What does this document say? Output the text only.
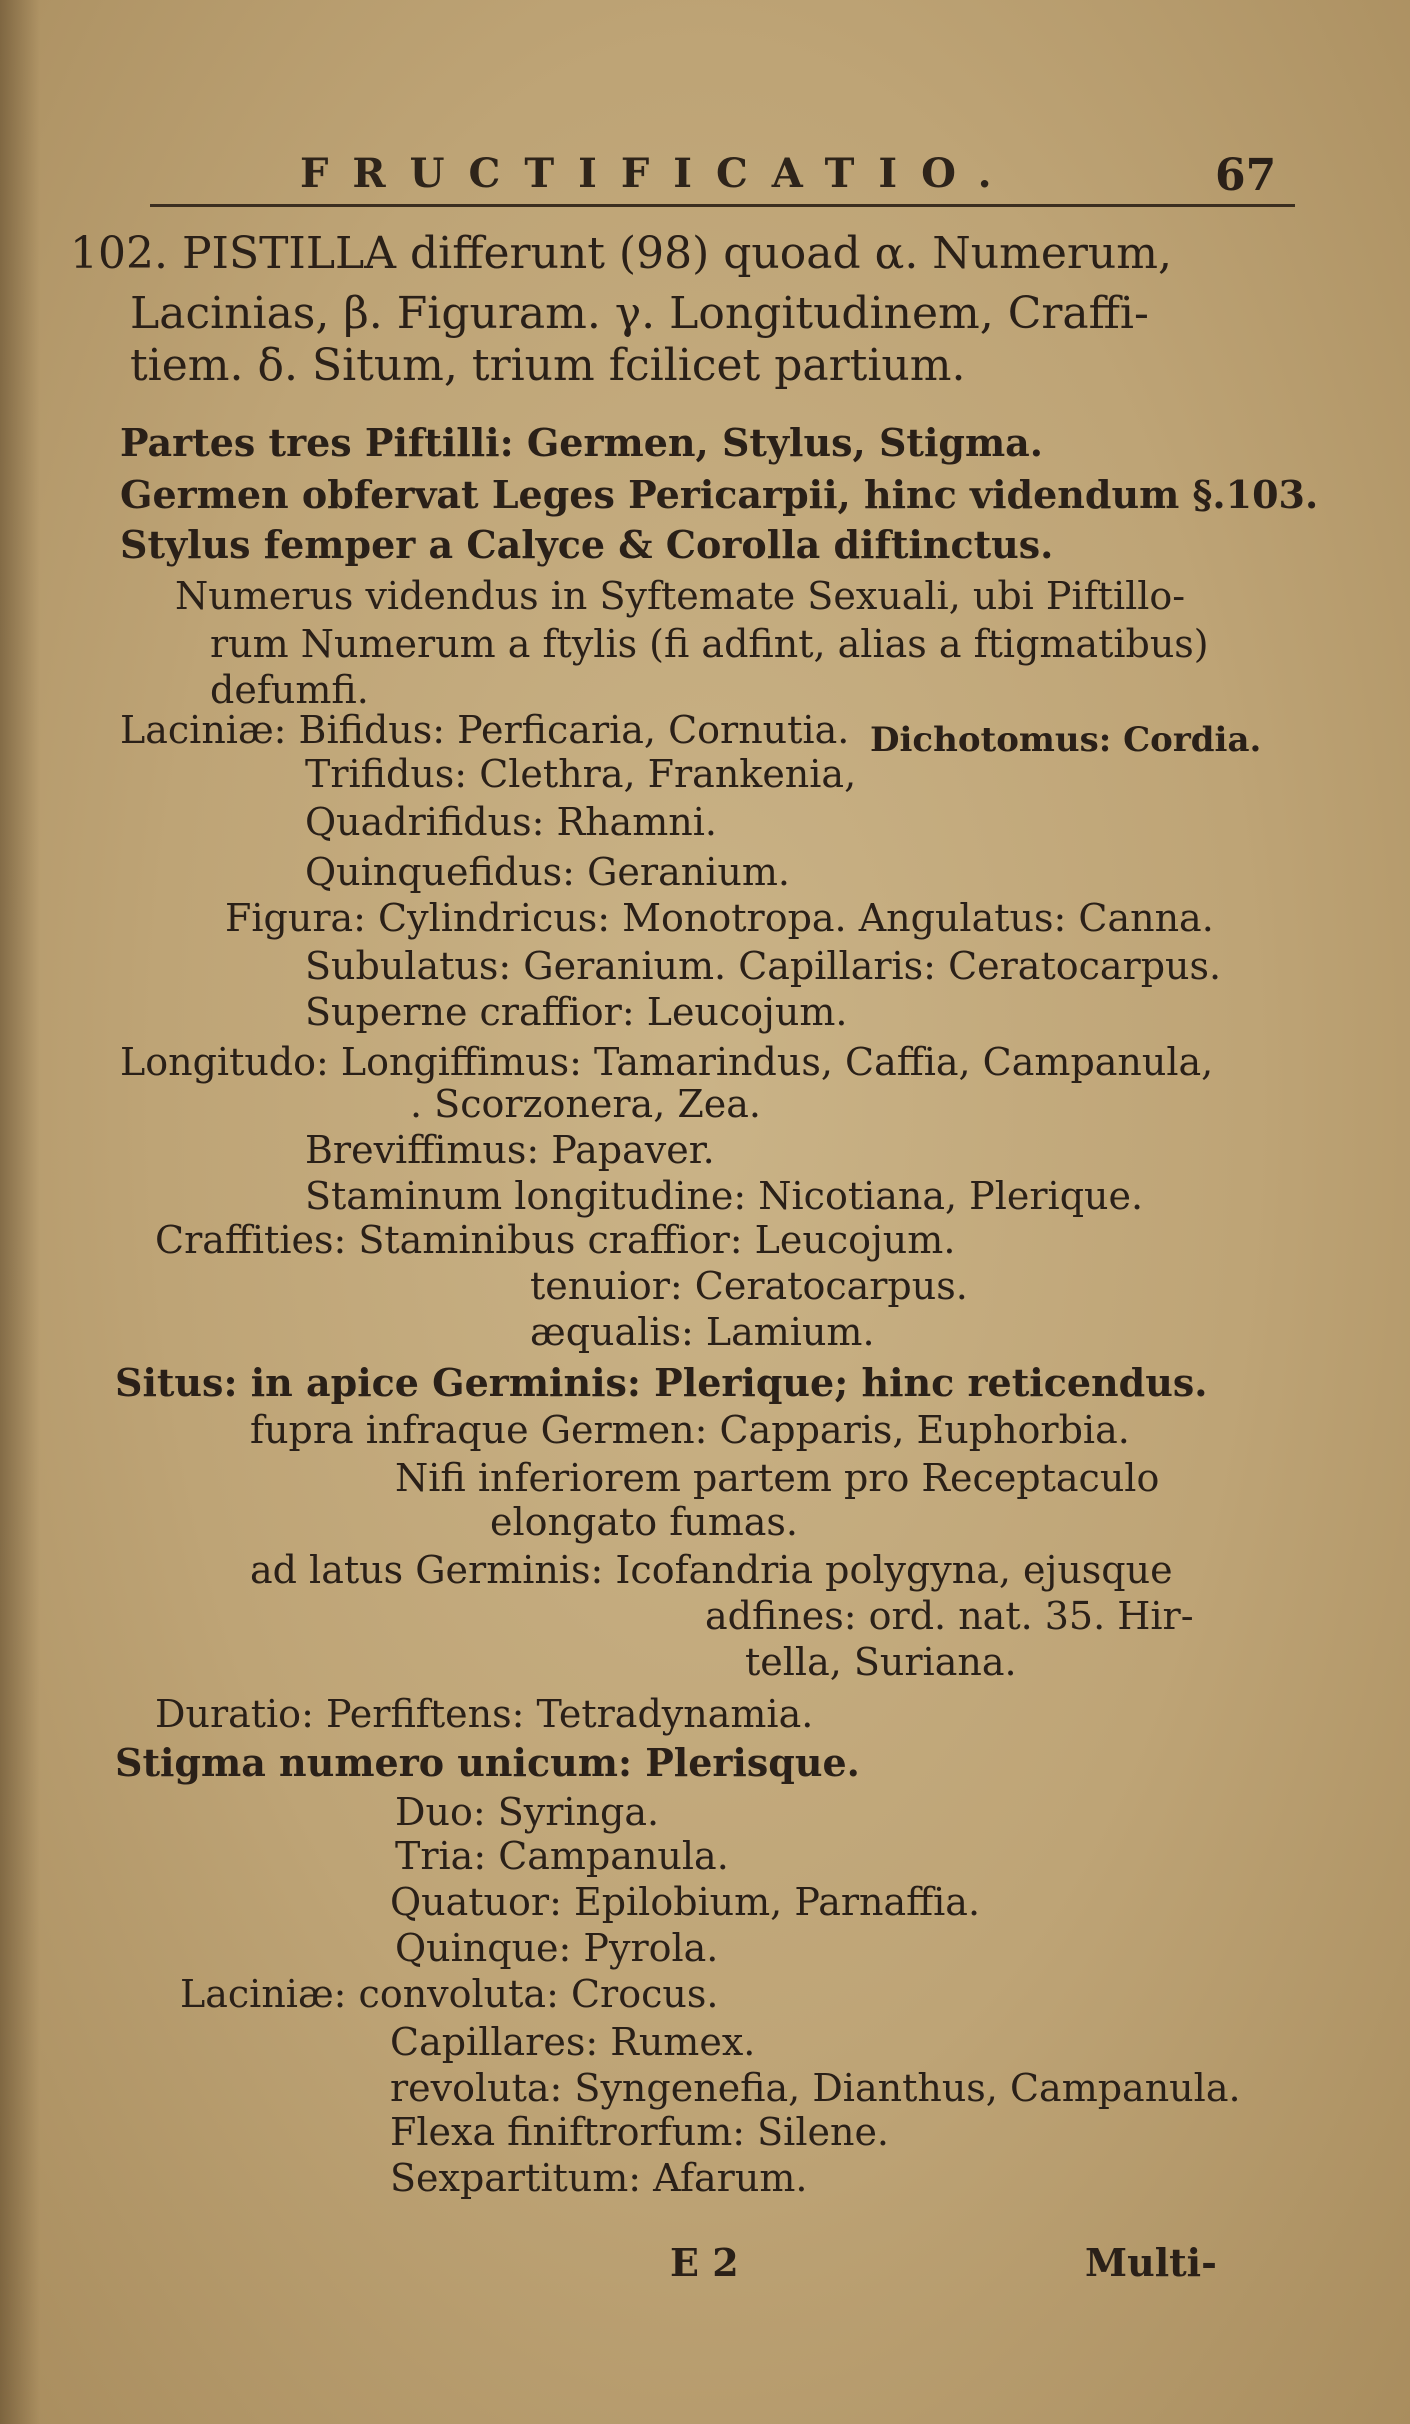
FRUCTIFICATIO.	67
102. PISTILLA differunt (98) quoad α. Numerum,
Lacinias, β. Figuram. γ. Longitudinem, Craffi-
tiem. δ. Situm, trium fcilicet partium.
Partes tres Piftilli: Germen, Stylus, Stigma.
Germen obfervat Leges Pericarpii, hinc videndum §.103.
Stylus femper a Calyce & Corolla diftinctus.
Numerus videndus in Syftemate Sexuali, ubi Piftillo-
rum Numerum a ftylis (fi adfint, alias a ftigmatibus)
defumfi.
Laciniæ: Bifidus: Perficaria, Cornutia.
Trifidus: Clethra, Frankenia,
Dichotomus: Cordia.
Quadrifidus: Rhamni.
Quinquefidus: Geranium.
Figura: Cylindricus: Monotropa. Angulatus: Canna.
Subulatus: Geranium. Capillaris: Ceratocarpus.
Superne craffior: Leucojum.
Longitudo: Longiffimus: Tamarindus, Caffia, Campanula,
. Scorzonera, Zea.
Breviffimus: Papaver.
Staminum longitudine: Nicotiana, Plerique.
Craffities: Staminibus craffior: Leucojum.
tenuior: Ceratocarpus.
æqualis: Lamium.
Situs: in apice Germinis: Plerique; hinc reticendus.
fupra infraque Germen: Capparis, Euphorbia.
Nifi inferiorem partem pro Receptaculo
elongato fumas.
ad latus Germinis: Icofandria polygyna, ejusque
adfines: ord. nat. 35. Hir-
tella, Suriana.
Duratio: Perfiftens: Tetradynamia.
Stigma numero unicum: Plerisque.
Duo: Syringa.
Tria: Campanula.
Quatuor: Epilobium, Parnaffia.
Quinque: Pyrola.
Laciniæ: convoluta: Crocus.
Capillares: Rumex.
revoluta: Syngenefia, Dianthus, Campanula.
Flexa finiftrorfum: Silene.
Sexpartitum: Afarum.
E 2	Multi-
